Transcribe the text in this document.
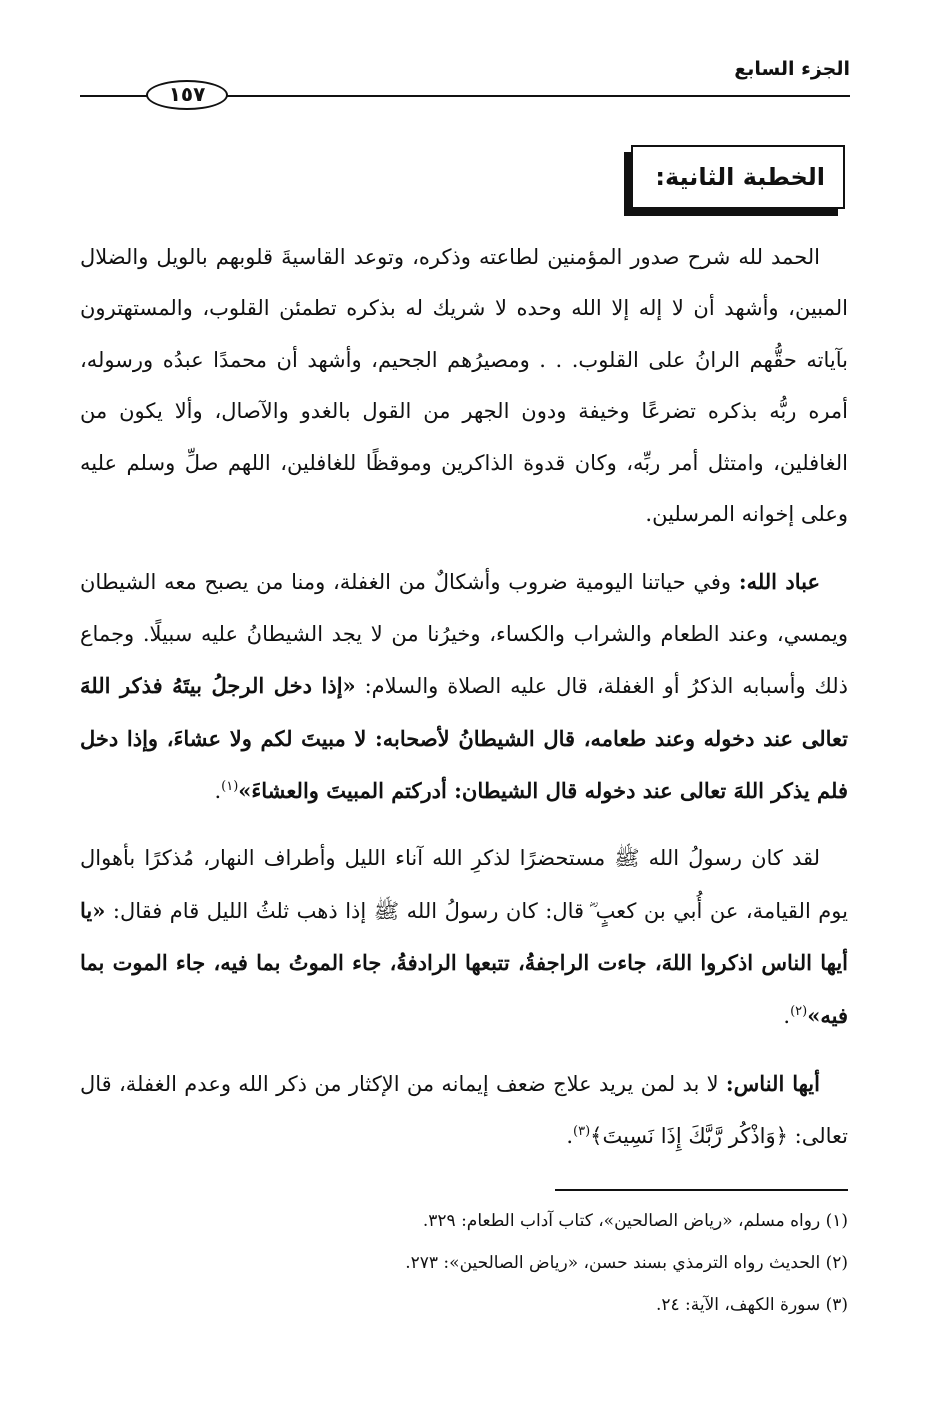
الجزء السابع
١٥٧
الخطبة الثانية:

الحمد لله شرح صدور المؤمنين لطاعته وذكره، وتوعد القاسيةَ قلوبهم بالويل والضلال المبين، وأشهد أن لا إله إلا الله وحده لا شريك له بذكره تطمئن القلوب، والمستهترون بآياته حقُّهم الرانُ على القلوب. . . ومصيرُهم الجحيم، وأشهد أن محمدًا عبدُه ورسوله، أمره ربُّه بذكره تضرعًا وخيفة ودون الجهر من القول بالغدو والآصال، وألا يكون من الغافلين، وامتثل أمر ربِّه، وكان قدوة الذاكرين وموقظًا للغافلين، اللهم صلِّ وسلم عليه وعلى إخوانه المرسلين.

عباد الله: وفي حياتنا اليومية ضروب وأشكالٌ من الغفلة، ومنا من يصبح معه الشيطان ويمسي، وعند الطعام والشراب والكساء، وخيرُنا من لا يجد الشيطانُ عليه سبيلًا. وجماع ذلك وأسبابه الذكرُ أو الغفلة، قال عليه الصلاة والسلام: «إذا دخل الرجلُ بيتَهُ فذكر اللهَ تعالى عند دخوله وعند طعامه، قال الشيطانُ لأصحابه: لا مبيتَ لكم ولا عشاءَ، وإذا دخل فلم يذكر اللهَ تعالى عند دخوله قال الشيطان: أدركتم المبيتَ والعشاءَ»$^{(١)}$.

لقد كان رسولُ الله ﷺ مستحضرًا لذكرِ الله آناء الليل وأطراف النهار، مُذكرًا بأهوال يوم القيامة، عن أُبي بن كعبٍ ؓ قال: كان رسولُ الله ﷺ إذا ذهب ثلثُ الليل قام فقال: «يا أيها الناس اذكروا اللهَ، جاءت الراجفةُ، تتبعها الرادفةُ، جاء الموتُ بما فيه، جاء الموت بما فيه»$^{(٢)}$.

أيها الناس: لا بد لمن يريد علاج ضعف إيمانه من الإكثار من ذكر الله وعدم الغفلة، قال تعالى: ﴿وَاذْكُر رَّبَّكَ إِذَا نَسِيتَ﴾$^{(٣)}$.

(١) رواه مسلم، «رياض الصالحين»، كتاب آداب الطعام: ٣٢٩.
(٢) الحديث رواه الترمذي بسند حسن، «رياض الصالحين»: ٢٧٣.
(٣) سورة الكهف، الآية: ٢٤.
